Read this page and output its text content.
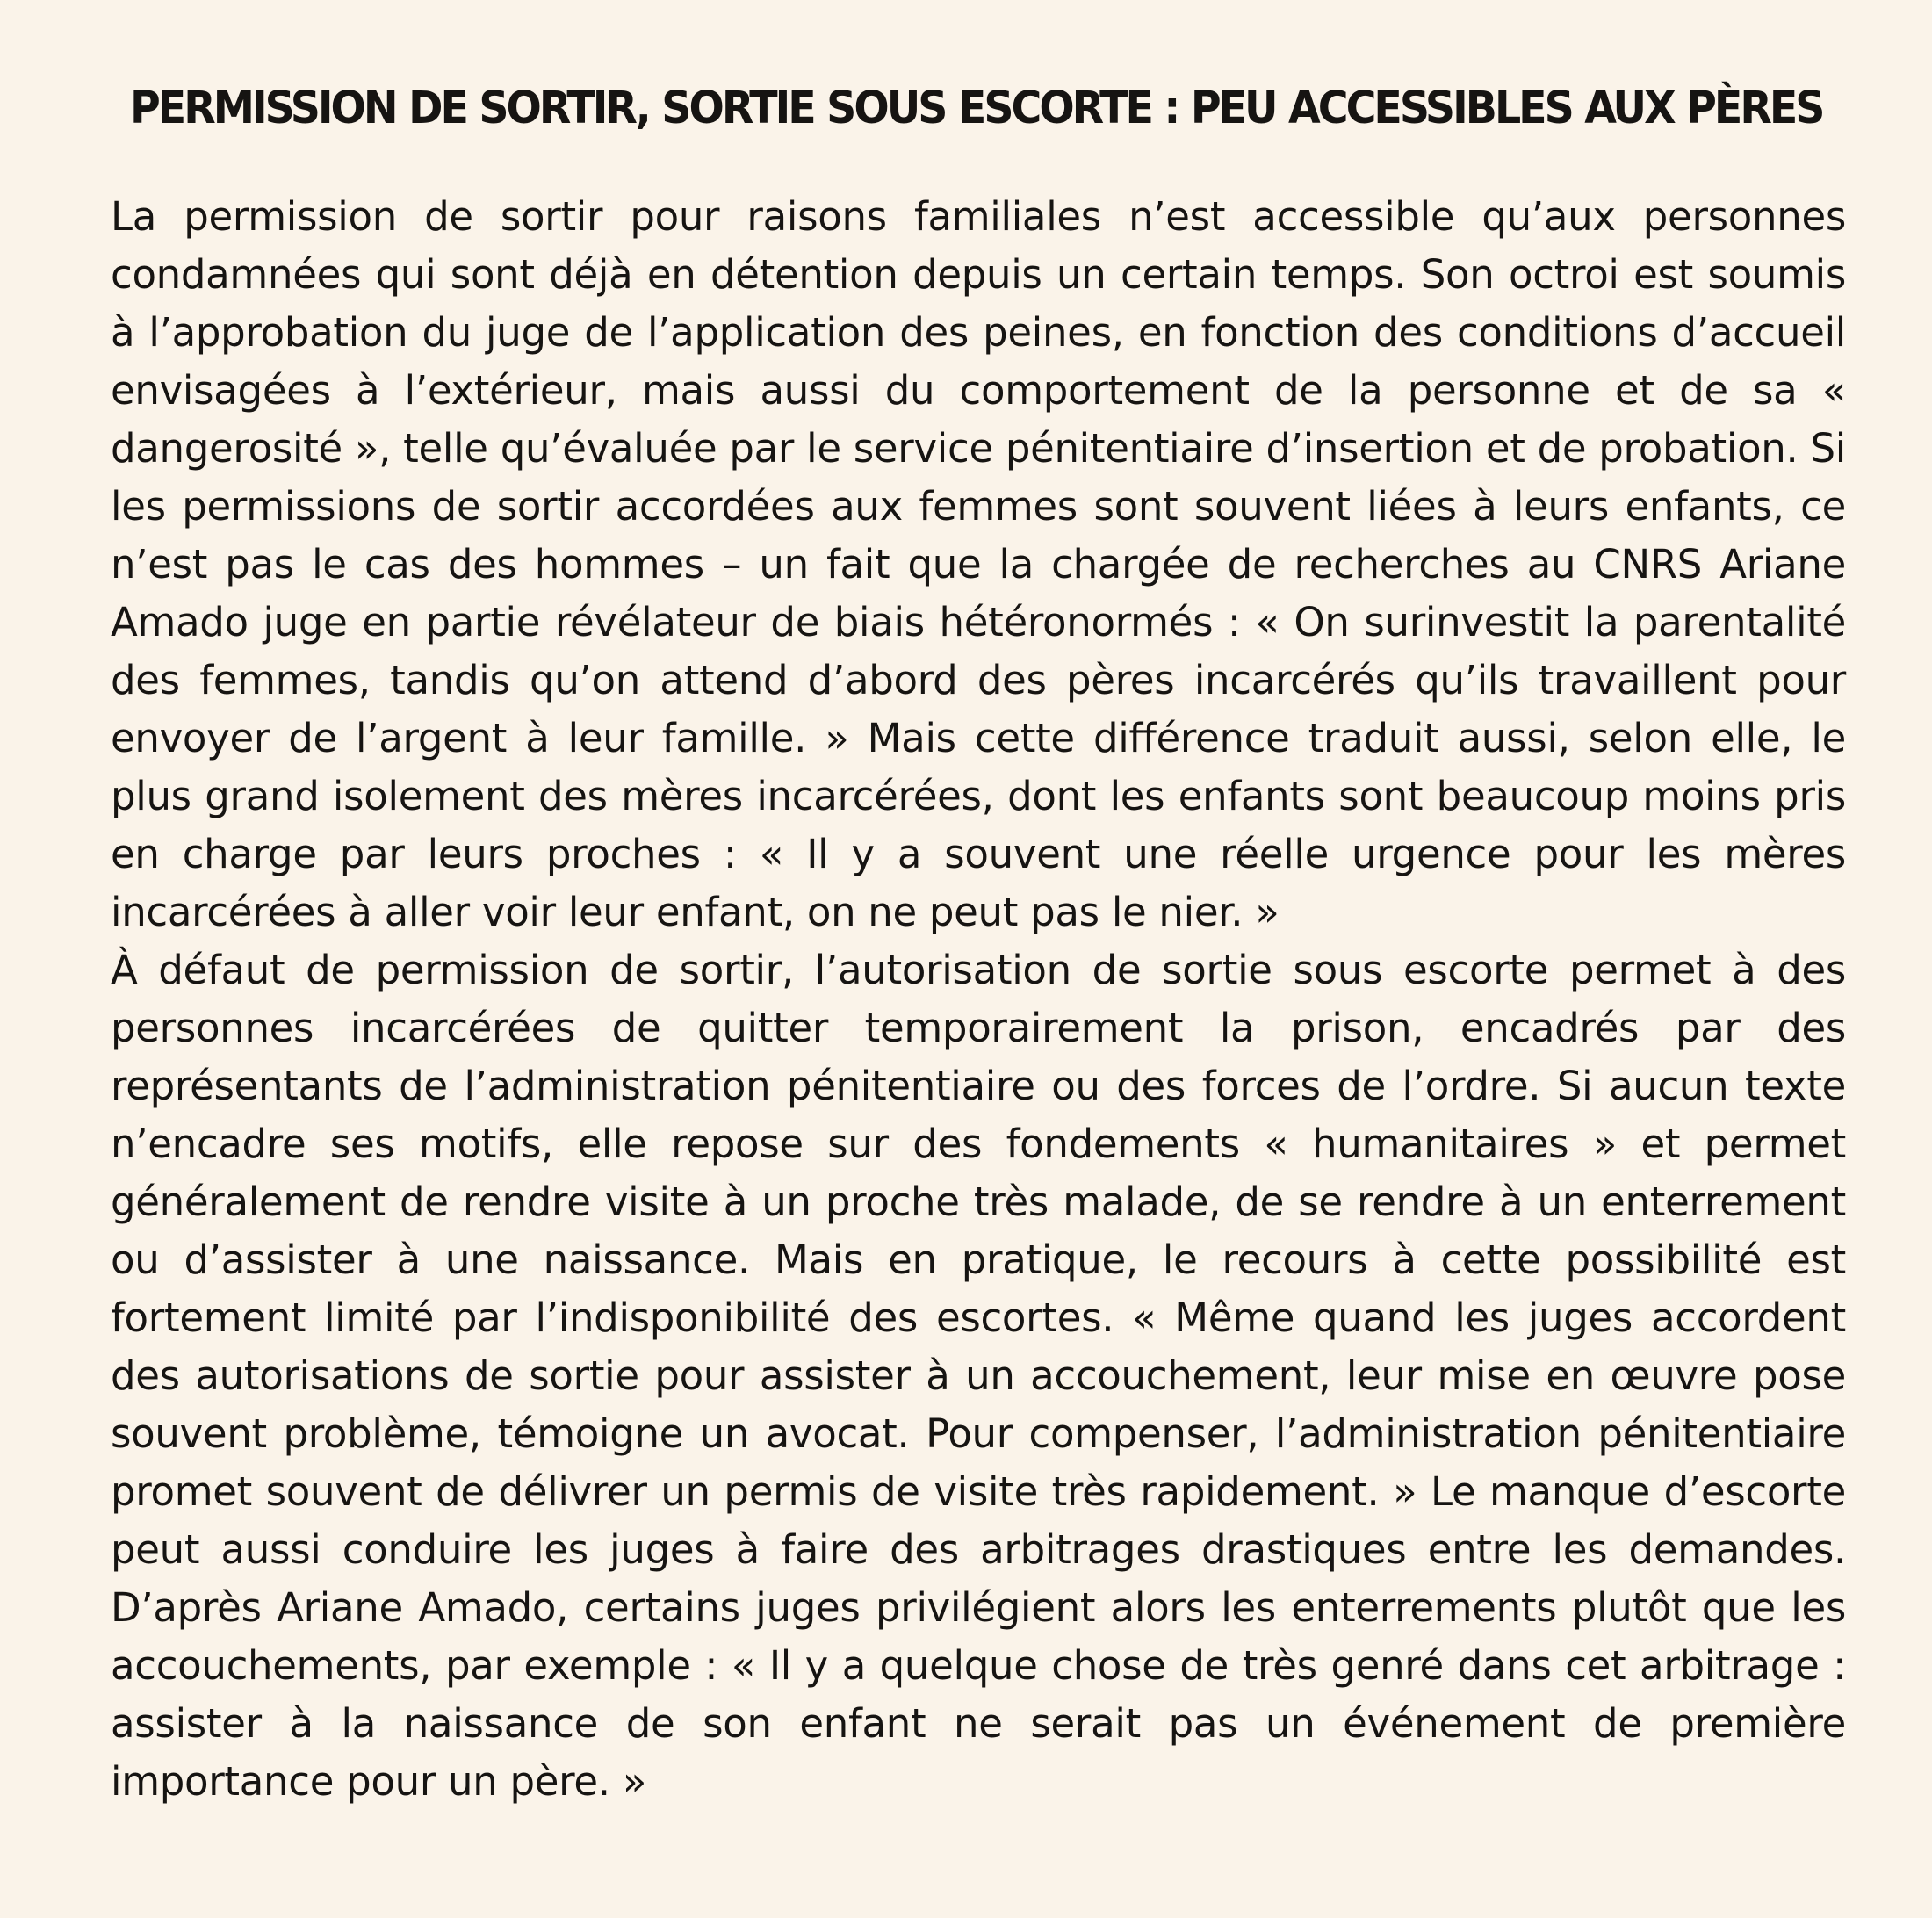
PERMISSION DE SORTIR, SORTIE SOUS ESCORTE : PEU ACCESSIBLES AUX PÈRES

La permission de sortir pour raisons familiales n’est accessible qu’aux personnes condamnées qui sont déjà en détention depuis un certain temps. Son octroi est soumis à l’approbation du juge de l’application des peines, en fonction des conditions d’accueil envisagées à l’extérieur, mais aussi du comportement de la personne et de sa « dangerosité », telle qu’évaluée par le service pénitentiaire d’insertion et de probation. Si les permissions de sortir accordées aux femmes sont souvent liées à leurs enfants, ce n’est pas le cas des hommes – un fait que la chargée de recherches au CNRS Ariane Amado juge en partie révélateur de biais hétéronormés : « On surinvestit la parentalité des femmes, tandis qu’on attend d’abord des pères incarcérés qu’ils travaillent pour envoyer de l’argent à leur famille. » Mais cette différence traduit aussi, selon elle, le plus grand isolement des mères incarcérées, dont les enfants sont beaucoup moins pris en charge par leurs proches : « Il y a souvent une réelle urgence pour les mères incarcérées à aller voir leur enfant, on ne peut pas le nier. »

À défaut de permission de sortir, l’autorisation de sortie sous escorte permet à des personnes incarcérées de quitter temporairement la prison, encadrés par des représentants de l’administration pénitentiaire ou des forces de l’ordre. Si aucun texte n’encadre ses motifs, elle repose sur des fondements « humanitaires » et permet généralement de rendre visite à un proche très malade, de se rendre à un enterrement ou d’assister à une naissance. Mais en pratique, le recours à cette possibilité est fortement limité par l’indisponibilité des escortes. « Même quand les juges accordent des autorisations de sortie pour assister à un accouchement, leur mise en œuvre pose souvent problème, témoigne un avocat. Pour compenser, l’administration pénitentiaire promet souvent de délivrer un permis de visite très rapidement. » Le manque d’escorte peut aussi conduire les juges à faire des arbitrages drastiques entre les demandes. D’après Ariane Amado, certains juges privilégient alors les enterrements plutôt que les accouchements, par exemple : « Il y a quelque chose de très genré dans cet arbitrage : assister à la naissance de son enfant ne serait pas un événement de première importance pour un père. »
